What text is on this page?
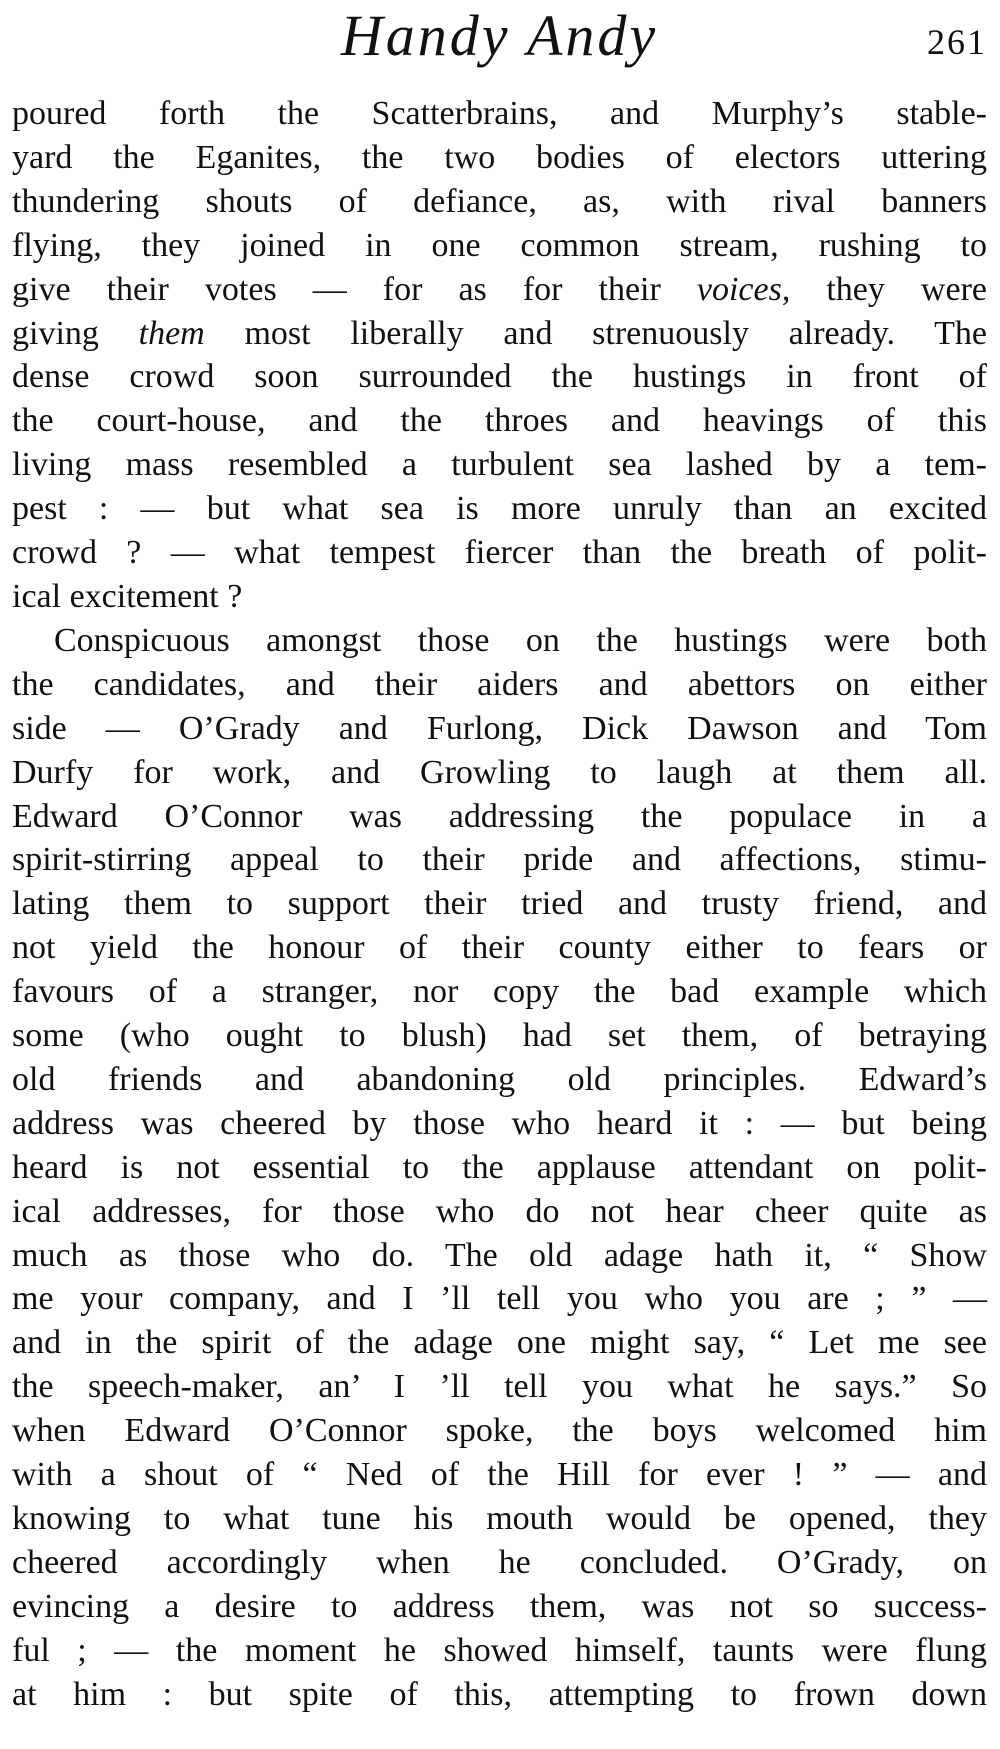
Handy Andy	261
poured forth the Scatterbrains, and Murphy’s stable-
yard the Eganites, the two bodies of electors uttering
thundering shouts of defiance, as, with rival banners
flying, they joined in one common stream, rushing to
give their votes — for as for their voices, they were
giving them most liberally and strenuously already. The
dense crowd soon surrounded the hustings in front of
the court-house, and the throes and heavings of this
living mass resembled a turbulent sea lashed by a tem-
pest : — but what sea is more unruly than an excited
crowd ? — what tempest fiercer than the breath of polit-
ical excitement ?
Conspicuous amongst those on the hustings were both
the candidates, and their aiders and abettors on either
side — O’Grady and Furlong, Dick Dawson and Tom
Durfy for work, and Growling to laugh at them all.
Edward O’Connor was addressing the populace in a
spirit-stirring appeal to their pride and affections, stimu-
lating them to support their tried and trusty friend, and
not yield the honour of their county either to fears or
favours of a stranger, nor copy the bad example which
some (who ought to blush) had set them, of betraying
old friends and abandoning old principles. Edward’s
address was cheered by those who heard it : — but being
heard is not essential to the applause attendant on polit-
ical addresses, for those who do not hear cheer quite as
much as those who do. The old adage hath it, “ Show
me your company, and I ’ll tell you who you are ; ” —
and in the spirit of the adage one might say, “ Let me see
the speech-maker, an’ I ’ll tell you what he says.” So
when Edward O’Connor spoke, the boys welcomed him
with a shout of “ Ned of the Hill for ever ! ” — and
knowing to what tune his mouth would be opened, they
cheered accordingly when he concluded. O’Grady, on
evincing a desire to address them, was not so success-
ful ; — the moment he showed himself, taunts were flung
at him : but spite of this, attempting to frown down
